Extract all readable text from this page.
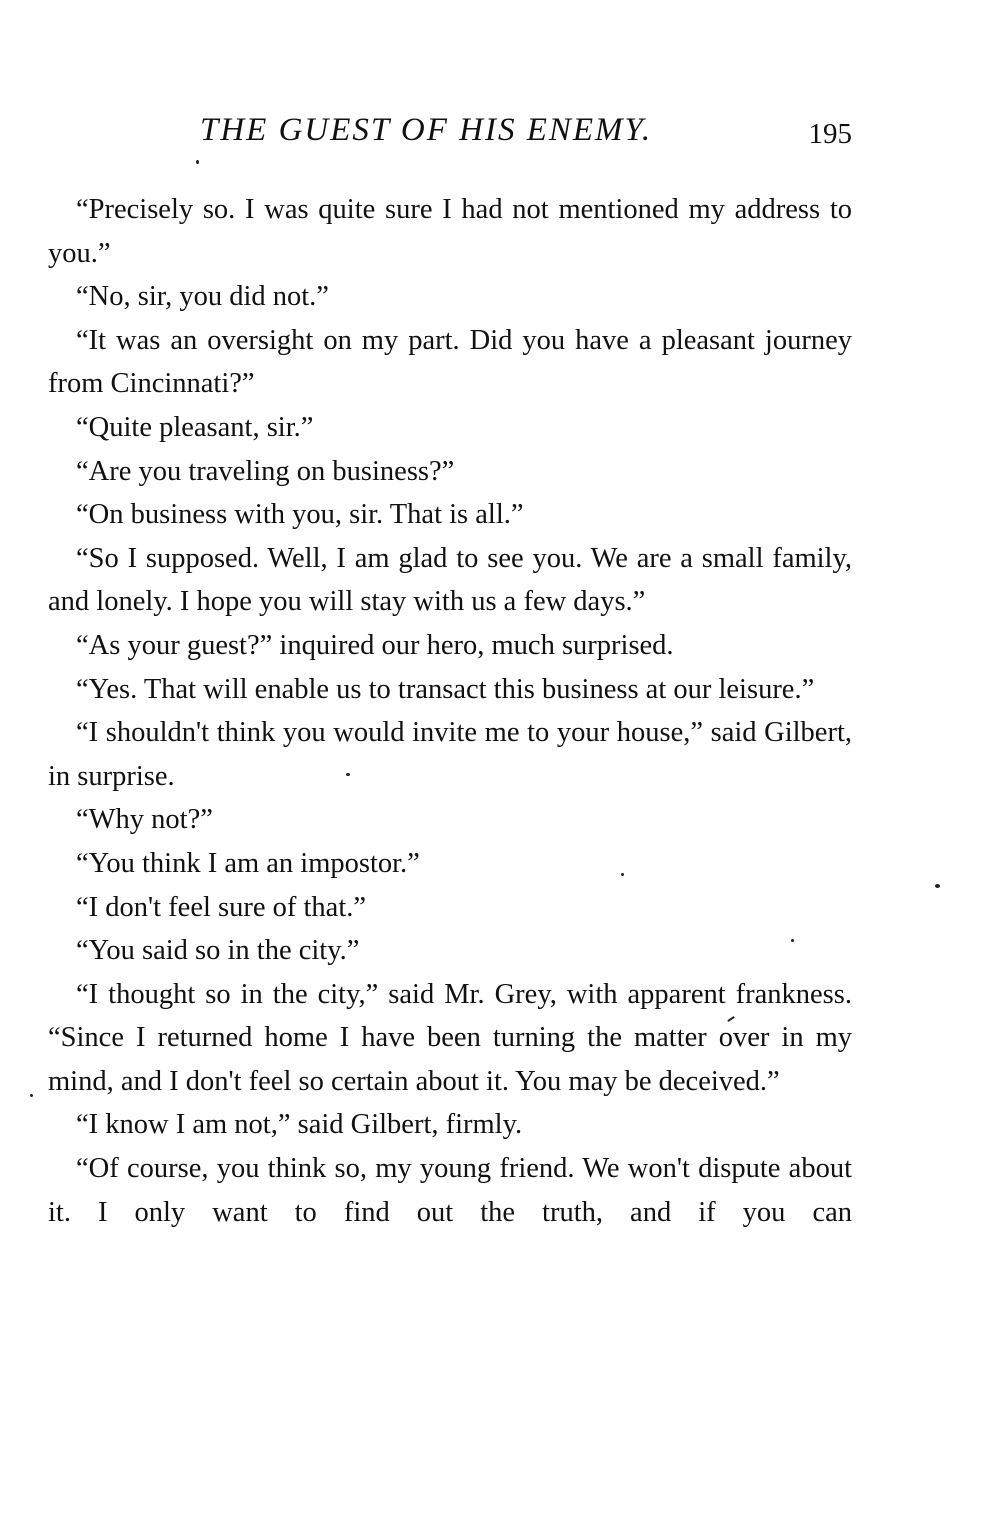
THE GUEST OF HIS ENEMY.	195

“Precisely so. I was quite sure I had not mentioned my address to you.”

“No, sir, you did not.”

“It was an oversight on my part. Did you have a pleasant journey from Cincinnati?”

“Quite pleasant, sir.”

“Are you traveling on business?”

“On business with you, sir. That is all.”

“So I supposed. Well, I am glad to see you. We are a small family, and lonely. I hope you will stay with us a few days.”

“As your guest?” inquired our hero, much surprised.

“Yes. That will enable us to transact this business at our leisure.”

“I shouldn't think you would invite me to your house,” said Gilbert, in surprise.

“Why not?”

“You think I am an impostor.”

“I don't feel sure of that.”

“You said so in the city.”

“I thought so in the city,” said Mr. Grey, with apparent frankness. “Since I returned home I have been turning the matter over in my mind, and I don't feel so certain about it. You may be deceived.”

“I know I am not,” said Gilbert, firmly.

“Of course, you think so, my young friend. We won't dispute about it. I only want to find out the truth, and if you can
